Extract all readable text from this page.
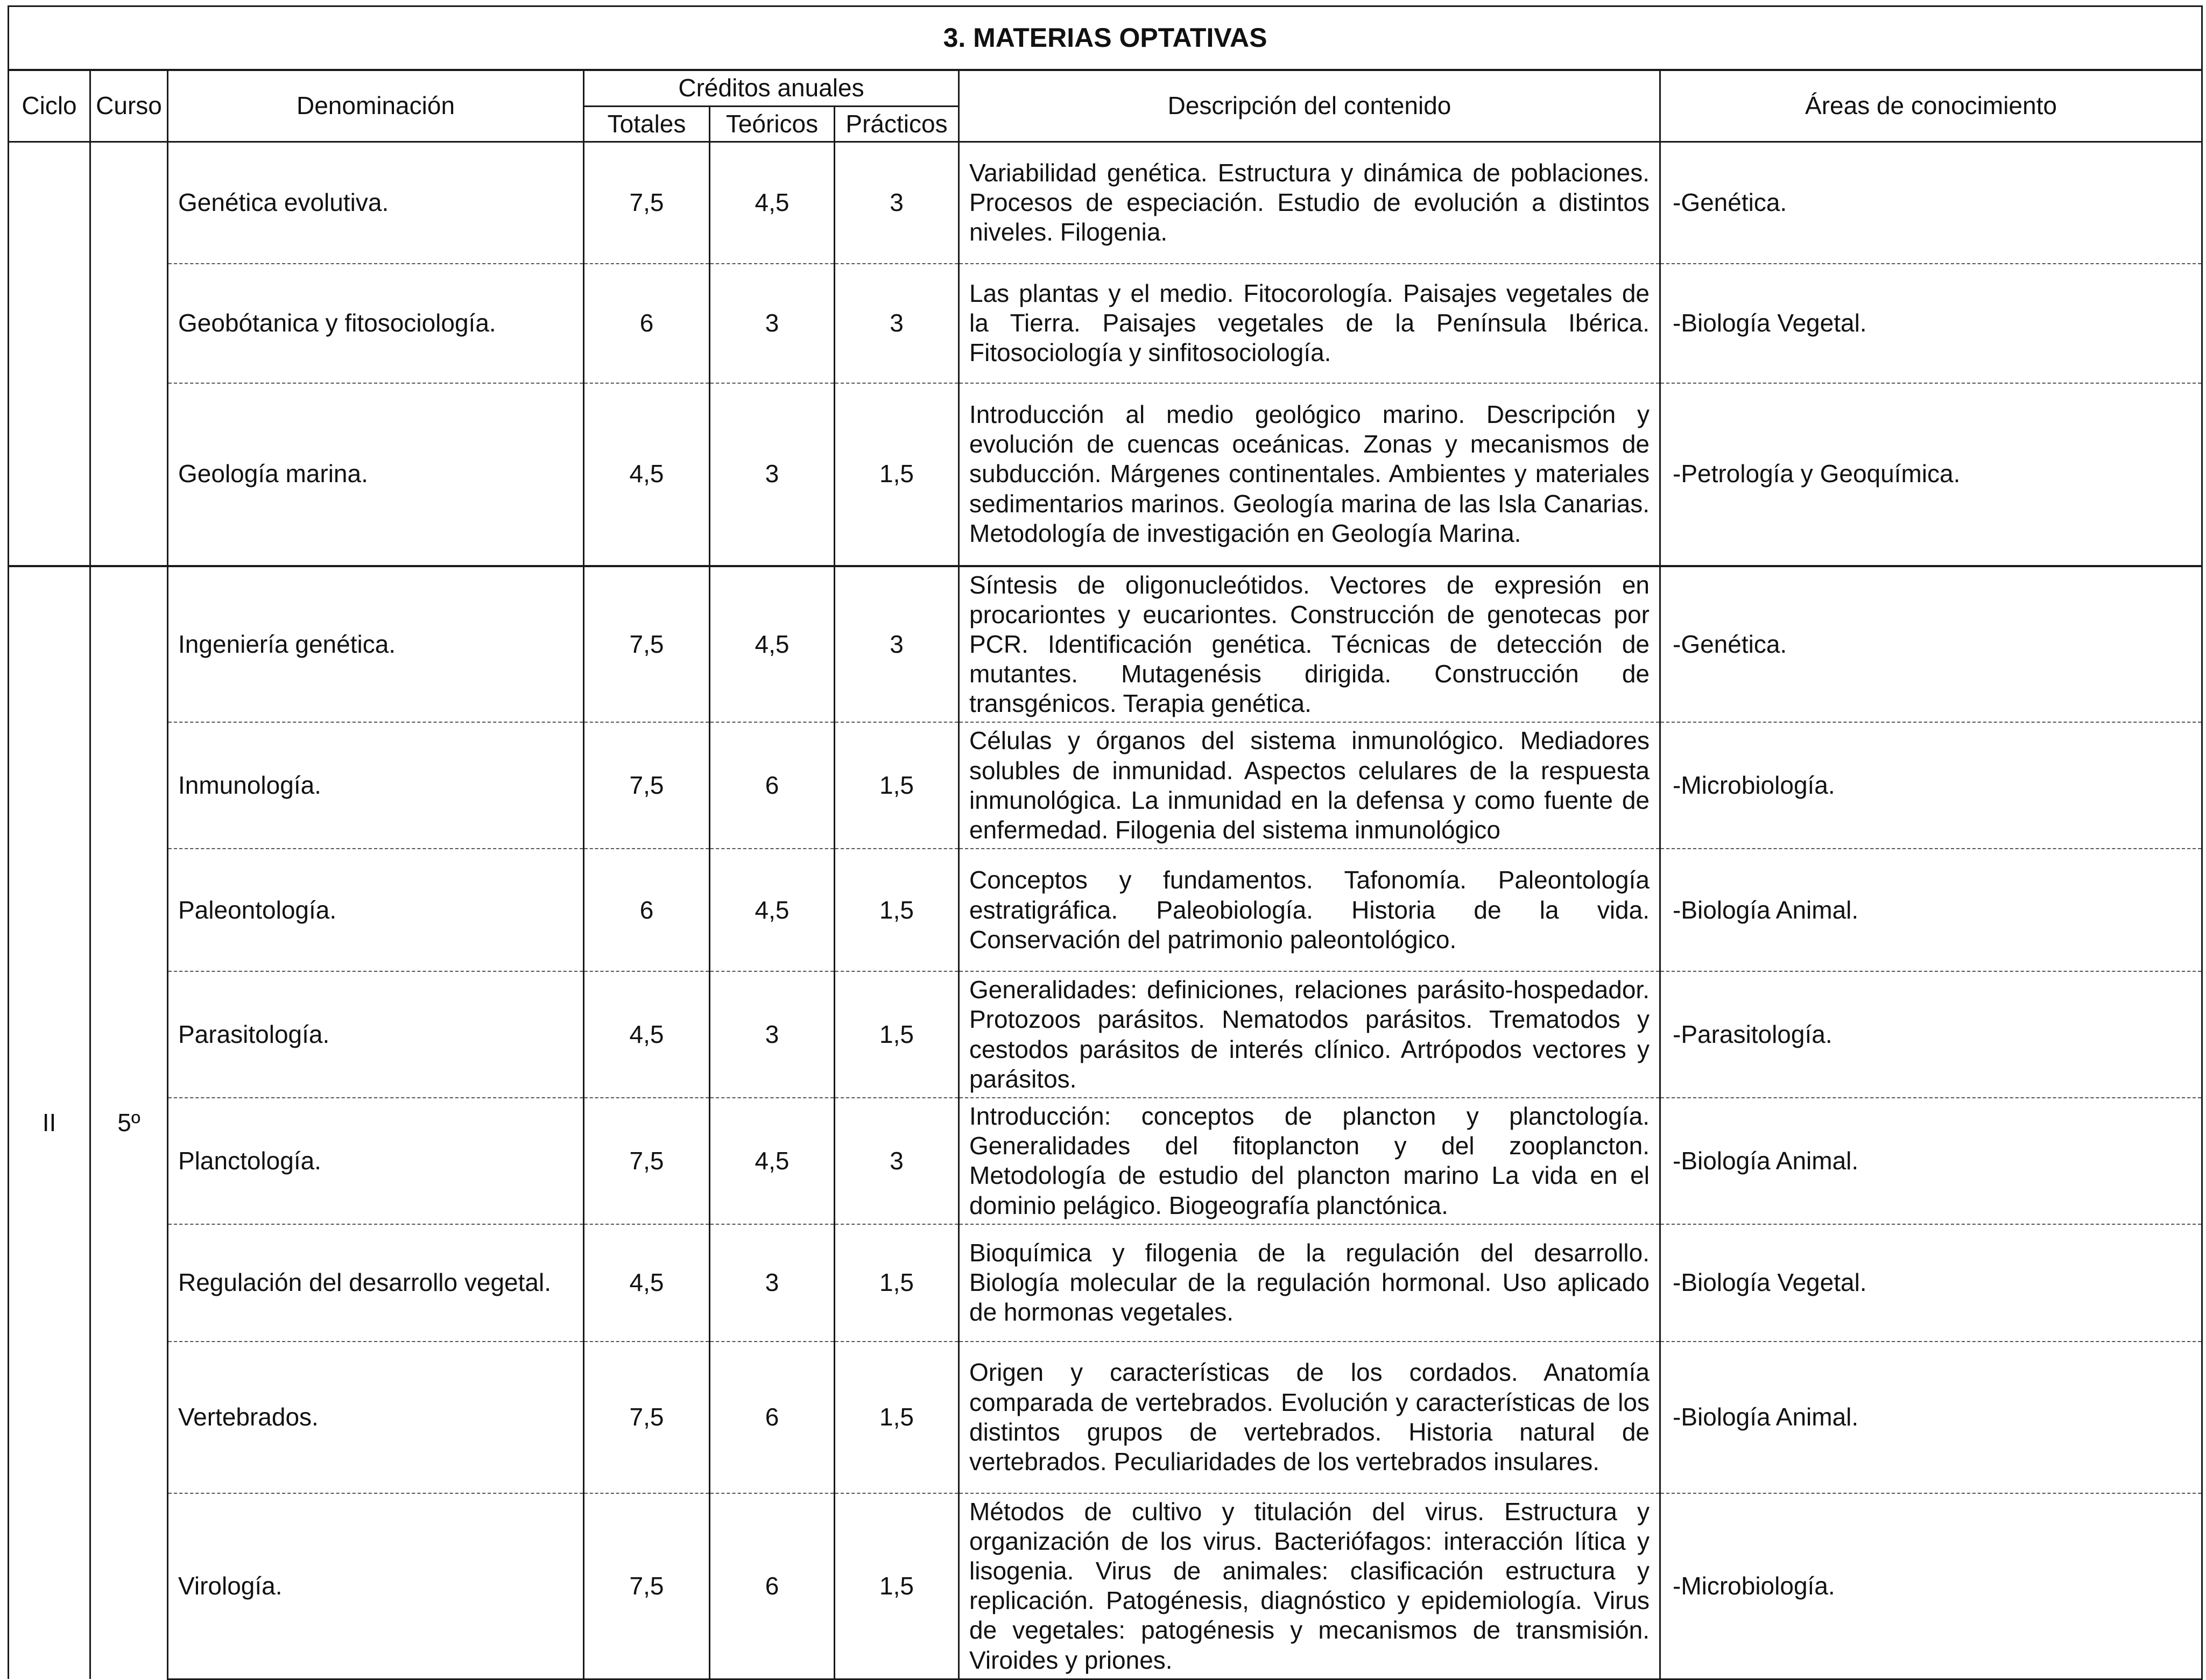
3. MATERIAS OPTATIVAS							
Ciclo	Curso	Denominación	Créditos anuales			Descripción del contenido	Áreas de conocimiento
			Totales	Teóricos	Prácticos		
		Genética evolutiva.	7,5	4,5	3	Variabilidad genética. Estructura y dinámica de poblaciones. Procesos de especiación. Estudio de evolución a distintos niveles. Filogenia.	-Genética.
		Geobótanica y fitosociología.	6	3	3	Las plantas y el medio. Fitocorología. Paisajes vegetales de la Tierra. Paisajes vegetales de la Península Ibérica. Fitosociología y sinfitosociología.	-Biología Vegetal.
		Geología marina.	4,5	3	1,5	Introducción al medio geológico marino. Descripción y evolución de cuencas oceánicas. Zonas y mecanismos de subducción. Márgenes continentales. Ambientes y materiales sedimentarios marinos. Geología marina de las Isla Canarias. Metodología de investigación en Geología Marina.	-Petrología y Geoquímica.
II	5º	Ingeniería genética.	7,5	4,5	3	Síntesis de oligonucleótidos. Vectores de expresión en procariontes y eucariontes. Construcción de genotecas por PCR. Identificación genética. Técnicas de detección de mutantes. Mutagenésis dirigida. Construcción de transgénicos. Terapia genética.	-Genética.
		Inmunología.	7,5	6	1,5	Células y órganos del sistema inmunológico. Mediadores solubles de inmunidad. Aspectos celulares de la respuesta inmunológica. La inmunidad en la defensa y como fuente de enfermedad. Filogenia del sistema inmunológico	-Microbiología.
		Paleontología.	6	4,5	1,5	Conceptos y fundamentos. Tafonomía. Paleontología estratigráfica. Paleobiología. Historia de la vida. Conservación del patrimonio paleontológico.	-Biología Animal.
		Parasitología.	4,5	3	1,5	Generalidades: definiciones, relaciones parásito-hospedador. Protozoos parásitos. Nematodos parásitos. Trematodos y cestodos parásitos de interés clínico. Artrópodos vectores y parásitos.	-Parasitología.
		Planctología.	7,5	4,5	3	Introducción: conceptos de plancton y planctología. Generalidades del fitoplancton y del zooplancton. Metodología de estudio del plancton marino La vida en el dominio pelágico. Biogeografía planctónica.	-Biología Animal.
		Regulación del desarrollo vegetal.	4,5	3	1,5	Bioquímica y filogenia de la regulación del desarrollo. Biología molecular de la regulación hormonal. Uso aplicado de hormonas vegetales.	-Biología Vegetal.
		Vertebrados.	7,5	6	1,5	Origen y características de los cordados. Anatomía comparada de vertebrados. Evolución y características de los distintos grupos de vertebrados. Historia natural de vertebrados. Peculiaridades de los vertebrados insulares.	-Biología Animal.
		Virología.	7,5	6	1,5	Métodos de cultivo y titulación del virus. Estructura y organización de los virus. Bacteriófagos: interacción lítica y lisogenia. Virus de animales: clasificación estructura y replicación. Patogénesis, diagnóstico y epidemiología. Virus de vegetales: patogénesis y mecanismos de transmisión. Viroides y priones.	-Microbiología.
